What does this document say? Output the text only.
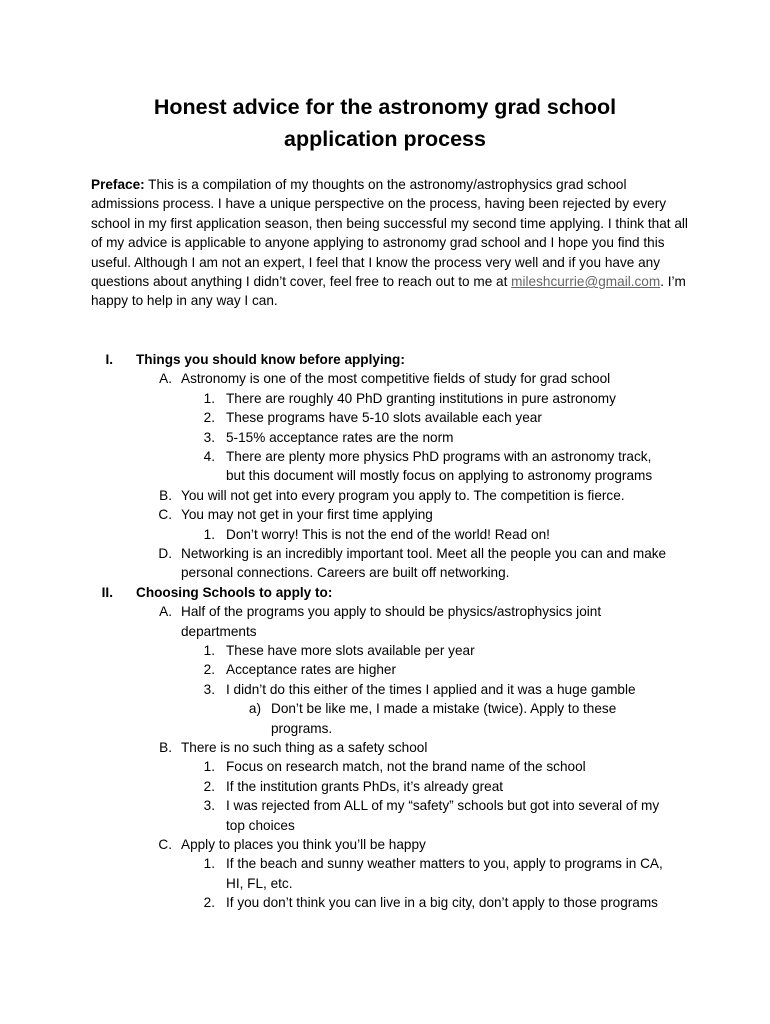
Honest advice for the astronomy grad school
application process
Preface: This is a compilation of my thoughts on the astronomy/astrophysics grad school admissions process. I have a unique perspective on the process, having been rejected by every school in my first application season, then being successful my second time applying. I think that all of my advice is applicable to anyone applying to astronomy grad school and I hope you find this useful. Although I am not an expert, I feel that I know the process very well and if you have any questions about anything I didn’t cover, feel free to reach out to me at mileshcurrie@gmail.com. I’m happy to help in any way I can.
I. Things you should know before applying:
A. Astronomy is one of the most competitive fields of study for grad school
1. There are roughly 40 PhD granting institutions in pure astronomy
2. These programs have 5-10 slots available each year
3. 5-15% acceptance rates are the norm
4. There are plenty more physics PhD programs with an astronomy track,
but this document will mostly focus on applying to astronomy programs
B. You will not get into every program you apply to. The competition is fierce.
C. You may not get in your first time applying
1. Don’t worry! This is not the end of the world! Read on!
D. Networking is an incredibly important tool. Meet all the people you can and make
personal connections. Careers are built off networking.
II. Choosing Schools to apply to:
A. Half of the programs you apply to should be physics/astrophysics joint
departments
1. These have more slots available per year
2. Acceptance rates are higher
3. I didn’t do this either of the times I applied and it was a huge gamble
a) Don’t be like me, I made a mistake (twice). Apply to these
programs.
B. There is no such thing as a safety school
1. Focus on research match, not the brand name of the school
2. If the institution grants PhDs, it’s already great
3. I was rejected from ALL of my “safety” schools but got into several of my
top choices
C. Apply to places you think you’ll be happy
1. If the beach and sunny weather matters to you, apply to programs in CA,
HI, FL, etc.
2. If you don’t think you can live in a big city, don’t apply to those programs
